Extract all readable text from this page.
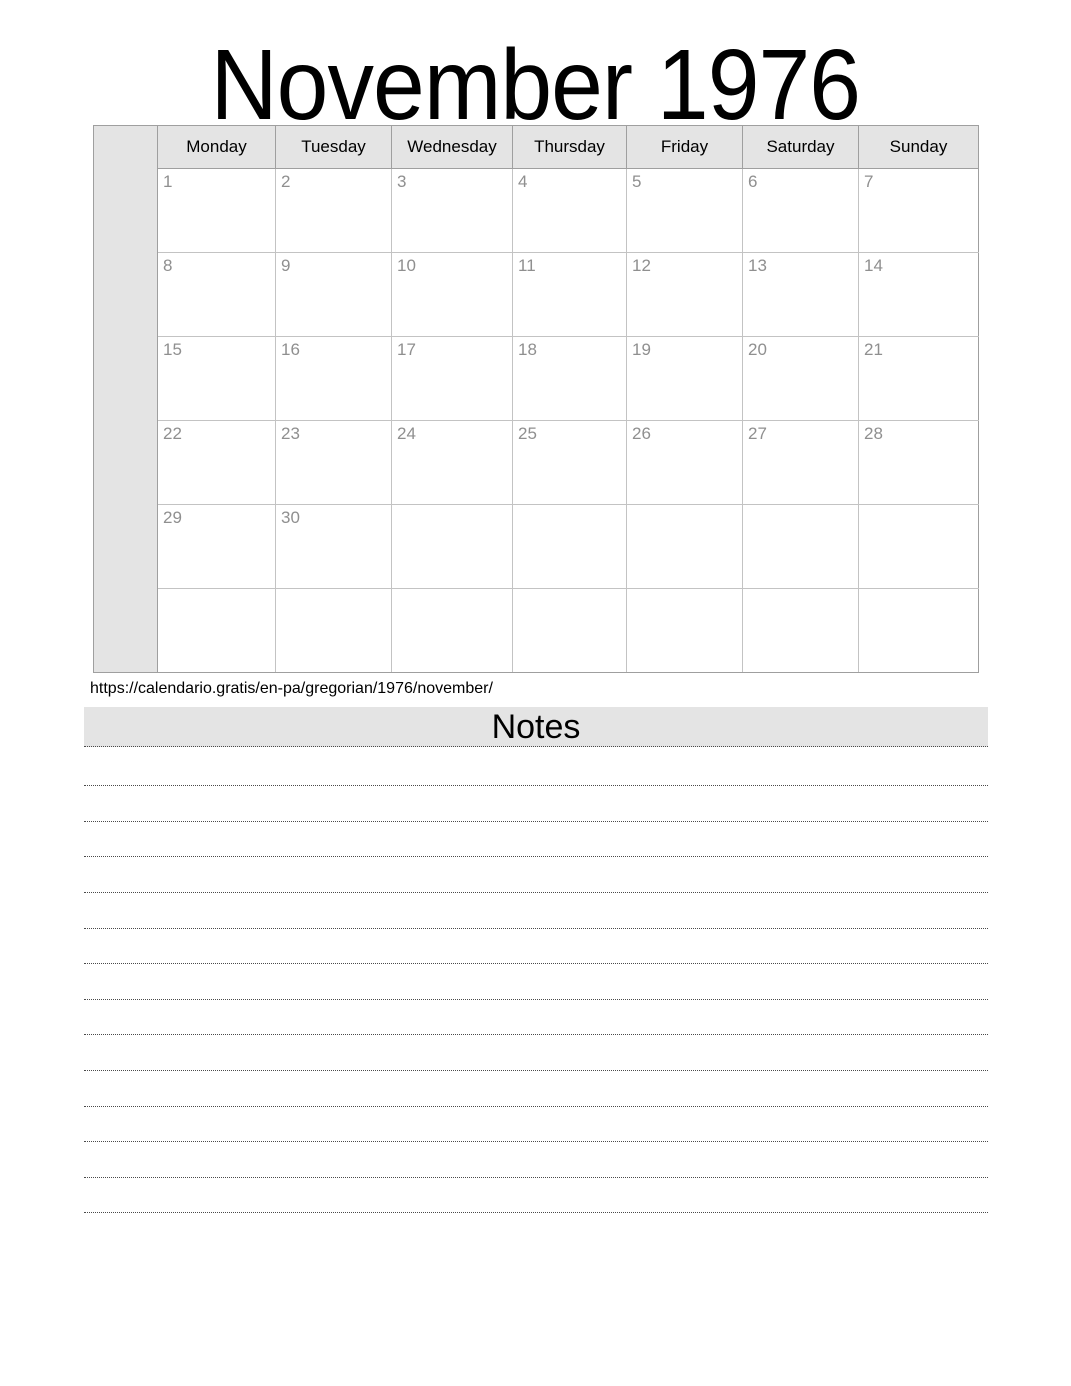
November 1976
	Monday	Tuesday	Wednesday	Thursday	Friday	Saturday	Sunday

	1	2	3	4	5	6	7

	8	9	10	11	12	13	14

	15	16	17	18	19	20	21

	22	23	24	25	26	27	28

	29	30					

https://calendario.gratis/en-pa/gregorian/1976/november/
Notes
